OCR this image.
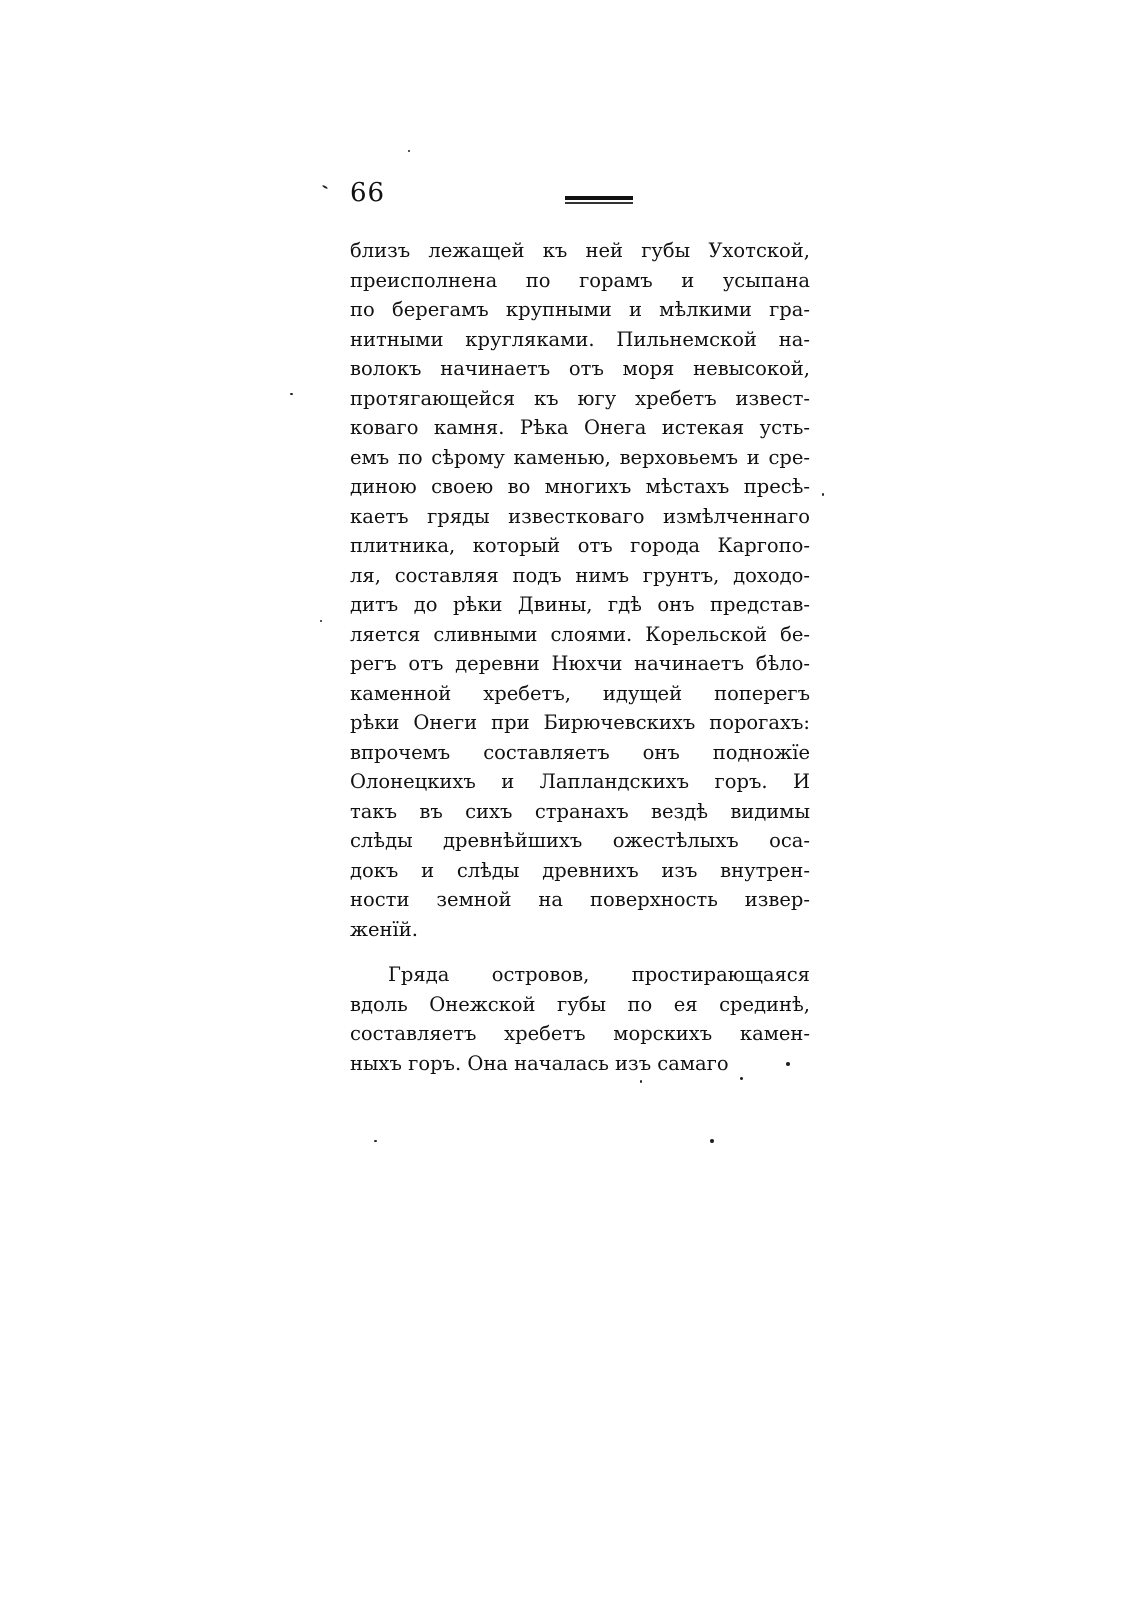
66
близъ лежащей къ ней губы Ухотской,
преисполнена по горамъ и усыпана
по берегамъ крупными и мѣлкими гра-
нитными кругляками. Пильнемской на-
волокъ начинаетъ отъ моря невысокой,
протягающейся къ югу хребетъ извест-
коваго камня. Рѣка Онега истекая усть-
емъ по сѣрому каменью, верховьемъ и сре-
диною своею во многихъ мѣстахъ пресѣ-
каетъ гряды известковаго измѣлченнаго
плитника, который отъ города Каргопо-
ля, составляя подъ нимъ грунтъ, доходо-
дитъ до рѣки Двины, гдѣ онъ представ-
ляется сливными слоями. Корельской бе-
регъ отъ деревни Нюхчи начинаетъ бѣло-
каменной хребетъ, идущей поперегъ
рѣки Онеги при Бирючевскихъ порогахъ:
впрочемъ составляетъ онъ подножїе
Олонецкихъ и Лапландскихъ горъ. И
такъ въ сихъ странахъ вездѣ видимы
слѣды древнѣйшихъ ожестѣлыхъ оса-
докъ и слѣды древнихъ изъ внутрен-
ности земной на поверхность извер-
женїй.
Гряда островов, простирающаяся
вдоль Онежской губы по ея срединѣ,
составляетъ хребетъ морскихъ камен-
ныхъ горъ. Она началась изъ самаго
